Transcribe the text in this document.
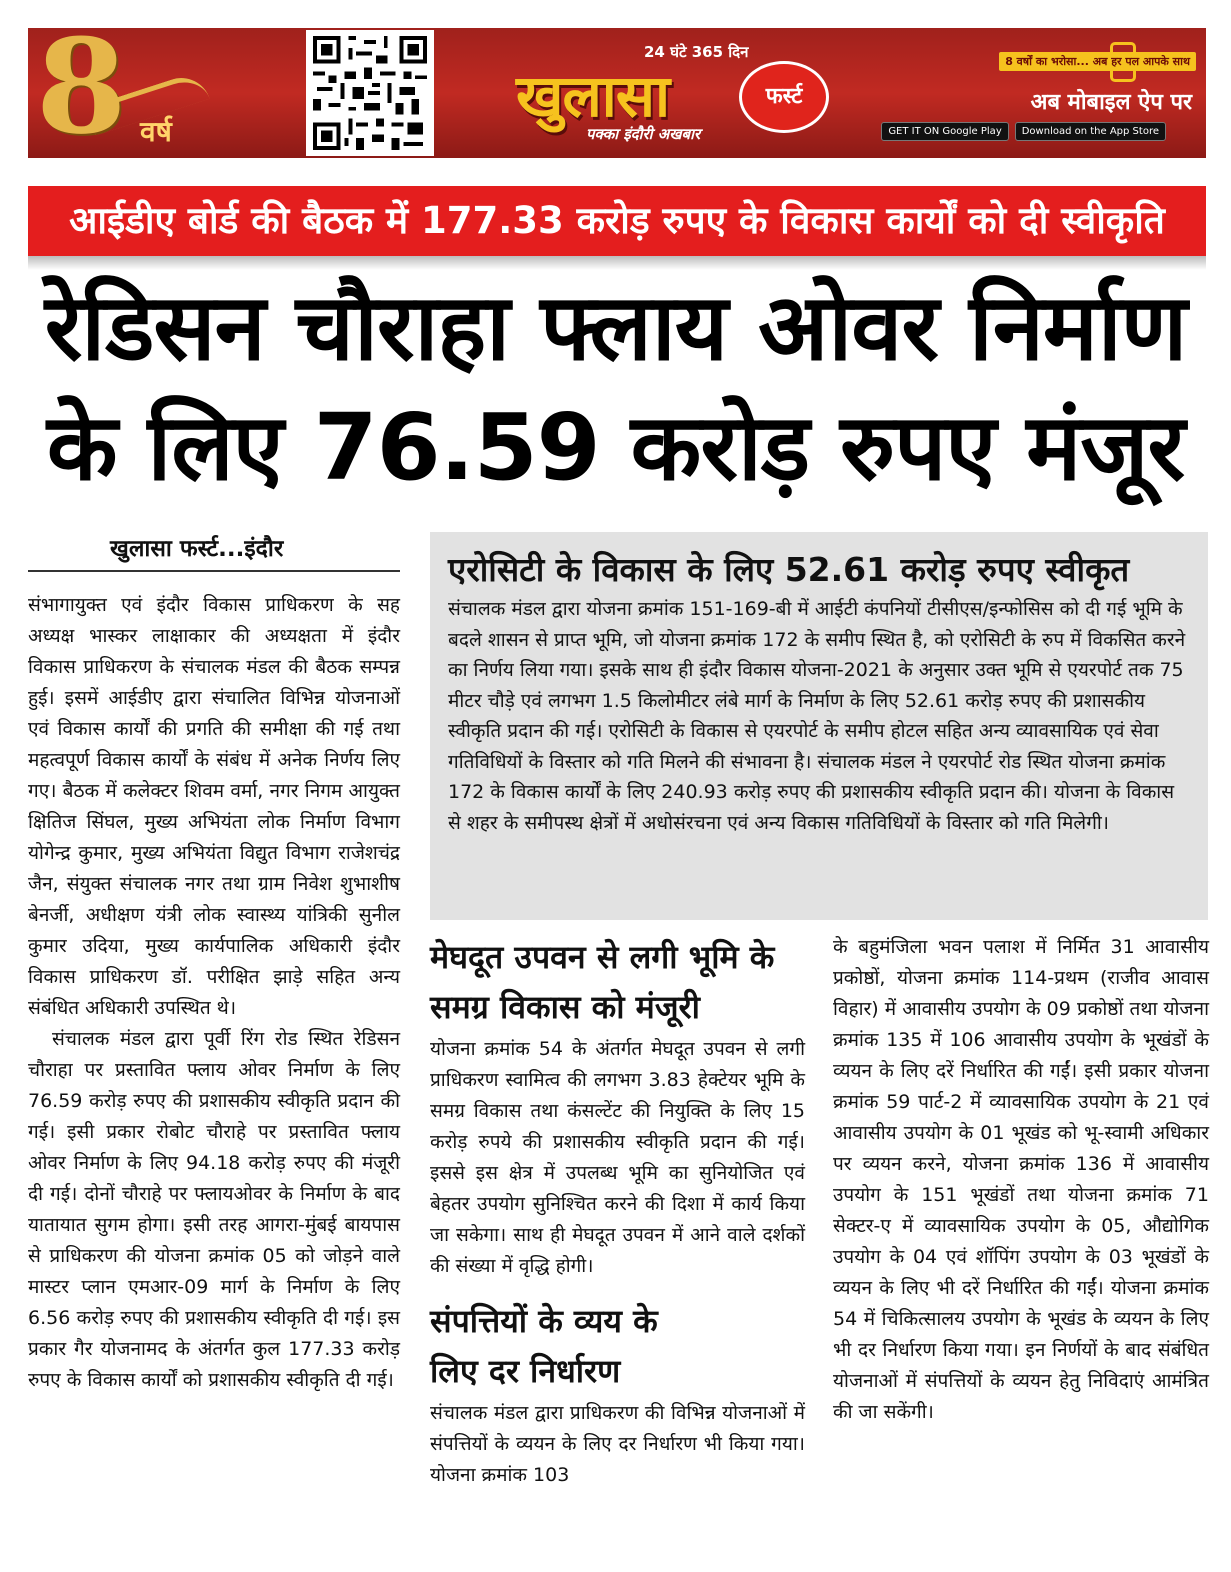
8 वर्ष
24 घंटे 365 दिन
खुलासा	फर्स्ट
पक्का इंदौरी अखबार
8 वर्षों का भरोसा... अब हर पल आपके साथ
अब मोबाइल ऐप पर
GET IT ON Google Play	Download on the App Store
आईडीए बोर्ड की बैठक में 177.33 करोड़ रुपए के विकास कार्यों को दी स्वीकृति
रेडिसन चौराहा फ्लाय ओवर निर्माण
के लिए 76.59 करोड़ रुपए मंजूर
खुलासा फर्स्ट...इंदौर

संभागायुक्त एवं इंदौर विकास प्राधिकरण के सह अध्यक्ष भास्कर लाक्षाकार की अध्यक्षता में इंदौर विकास प्राधिकरण के संचालक मंडल की बैठक सम्पन्न हुई। इसमें आईडीए द्वारा संचालित विभिन्न योजनाओं एवं विकास कार्यों की प्रगति की समीक्षा की गई तथा महत्वपूर्ण विकास कार्यों के संबंध में अनेक निर्णय लिए गए। बैठक में कलेक्टर शिवम वर्मा, नगर निगम आयुक्त क्षितिज सिंघल, मुख्य अभियंता लोक निर्माण विभाग योगेन्द्र कुमार, मुख्य अभियंता विद्युत विभाग राजेशचंद्र जैन, संयुक्त संचालक नगर तथा ग्राम निवेश शुभाशीष बेनर्जी, अधीक्षण यंत्री लोक स्वास्थ्य यांत्रिकी सुनील कुमार उदिया, मुख्य कार्यपालिक अधिकारी इंदौर विकास प्राधिकरण डॉ. परीक्षित झाड़े सहित अन्य संबंधित अधिकारी उपस्थित थे।

संचालक मंडल द्वारा पूर्वी रिंग रोड स्थित रेडिसन चौराहा पर प्रस्तावित फ्लाय ओवर निर्माण के लिए 76.59 करोड़ रुपए की प्रशासकीय स्वीकृति प्रदान की गई। इसी प्रकार रोबोट चौराहे पर प्रस्तावित फ्लाय ओवर निर्माण के लिए 94.18 करोड़ रुपए की मंजूरी दी गई। दोनों चौराहे पर फ्लायओवर के निर्माण के बाद यातायात सुगम होगा। इसी तरह आगरा-मुंबई बायपास से प्राधिकरण की योजना क्रमांक 05 को जोड़ने वाले मास्टर प्लान एमआर-09 मार्ग के निर्माण के लिए 6.56 करोड़ रुपए की प्रशासकीय स्वीकृति दी गई। इस प्रकार गैर योजनामद के अंतर्गत कुल 177.33 करोड़ रुपए के विकास कार्यों को प्रशासकीय स्वीकृति दी गई।

एरोसिटी के विकास के लिए 52.61 करोड़ रुपए स्वीकृत
संचालक मंडल द्वारा योजना क्रमांक 151-169-बी में आईटी कंपनियों टीसीएस/इन्फोसिस को दी गई भूमि के बदले शासन से प्राप्त भूमि, जो योजना क्रमांक 172 के समीप स्थित है, को एरोसिटी के रुप में विकसित करने का निर्णय लिया गया। इसके साथ ही इंदौर विकास योजना-2021 के अनुसार उक्त भूमि से एयरपोर्ट तक 75 मीटर चौड़े एवं लगभग 1.5 किलोमीटर लंबे मार्ग के निर्माण के लिए 52.61 करोड़ रुपए की प्रशासकीय स्वीकृति प्रदान की गई। एरोसिटी के विकास से एयरपोर्ट के समीप होटल सहित अन्य व्यावसायिक एवं सेवा गतिविधियों के विस्तार को गति मिलने की संभावना है। संचालक मंडल ने एयरपोर्ट रोड स्थित योजना क्रमांक 172 के विकास कार्यों के लिए 240.93 करोड़ रुपए की प्रशासकीय स्वीकृति प्रदान की। योजना के विकास से शहर के समीपस्थ क्षेत्रों में अधोसंरचना एवं अन्य विकास गतिविधियों के विस्तार को गति मिलेगी।
मेघदूत उपवन से लगी भूमि के
समग्र विकास को मंजूरी

योजना क्रमांक 54 के अंतर्गत मेघदूत उपवन से लगी प्राधिकरण स्वामित्व की लगभग 3.83 हेक्टेयर भूमि के समग्र विकास तथा कंसल्टेंट की नियुक्ति के लिए 15 करोड़ रुपये की प्रशासकीय स्वीकृति प्रदान की गई। इससे इस क्षेत्र में उपलब्ध भूमि का सुनियोजित एवं बेहतर उपयोग सुनिश्चित करने की दिशा में कार्य किया जा सकेगा। साथ ही मेघदूत उपवन में आने वाले दर्शकों की संख्या में वृद्धि होगी।

संपत्तियों के व्यय के
लिए दर निर्धारण

संचालक मंडल द्वारा प्राधिकरण की विभिन्न योजनाओं में संपत्तियों के व्ययन के लिए दर निर्धारण भी किया गया। योजना क्रमांक 103

के बहुमंजिला भवन पलाश में निर्मित 31 आवासीय प्रकोष्ठों, योजना क्रमांक 114-प्रथम (राजीव आवास विहार) में आवासीय उपयोग के 09 प्रकोष्ठों तथा योजना क्रमांक 135 में 106 आवासीय उपयोग के भूखंडों के व्ययन के लिए दरें निर्धारित की गईं। इसी प्रकार योजना क्रमांक 59 पार्ट-2 में व्यावसायिक उपयोग के 21 एवं आवासीय उपयोग के 01 भूखंड को भू-स्वामी अधिकार पर व्ययन करने, योजना क्रमांक 136 में आवासीय उपयोग के 151 भूखंडों तथा योजना क्रमांक 71 सेक्टर-ए में व्यावसायिक उपयोग के 05, औद्योगिक उपयोग के 04 एवं शॉपिंग उपयोग के 03 भूखंडों के व्ययन के लिए भी दरें निर्धारित की गईं। योजना क्रमांक 54 में चिकित्सालय उपयोग के भूखंड के व्ययन के लिए भी दर निर्धारण किया गया। इन निर्णयों के बाद संबंधित योजनाओं में संपत्तियों के व्ययन हेतु निविदाएं आमंत्रित की जा सकेंगी।
